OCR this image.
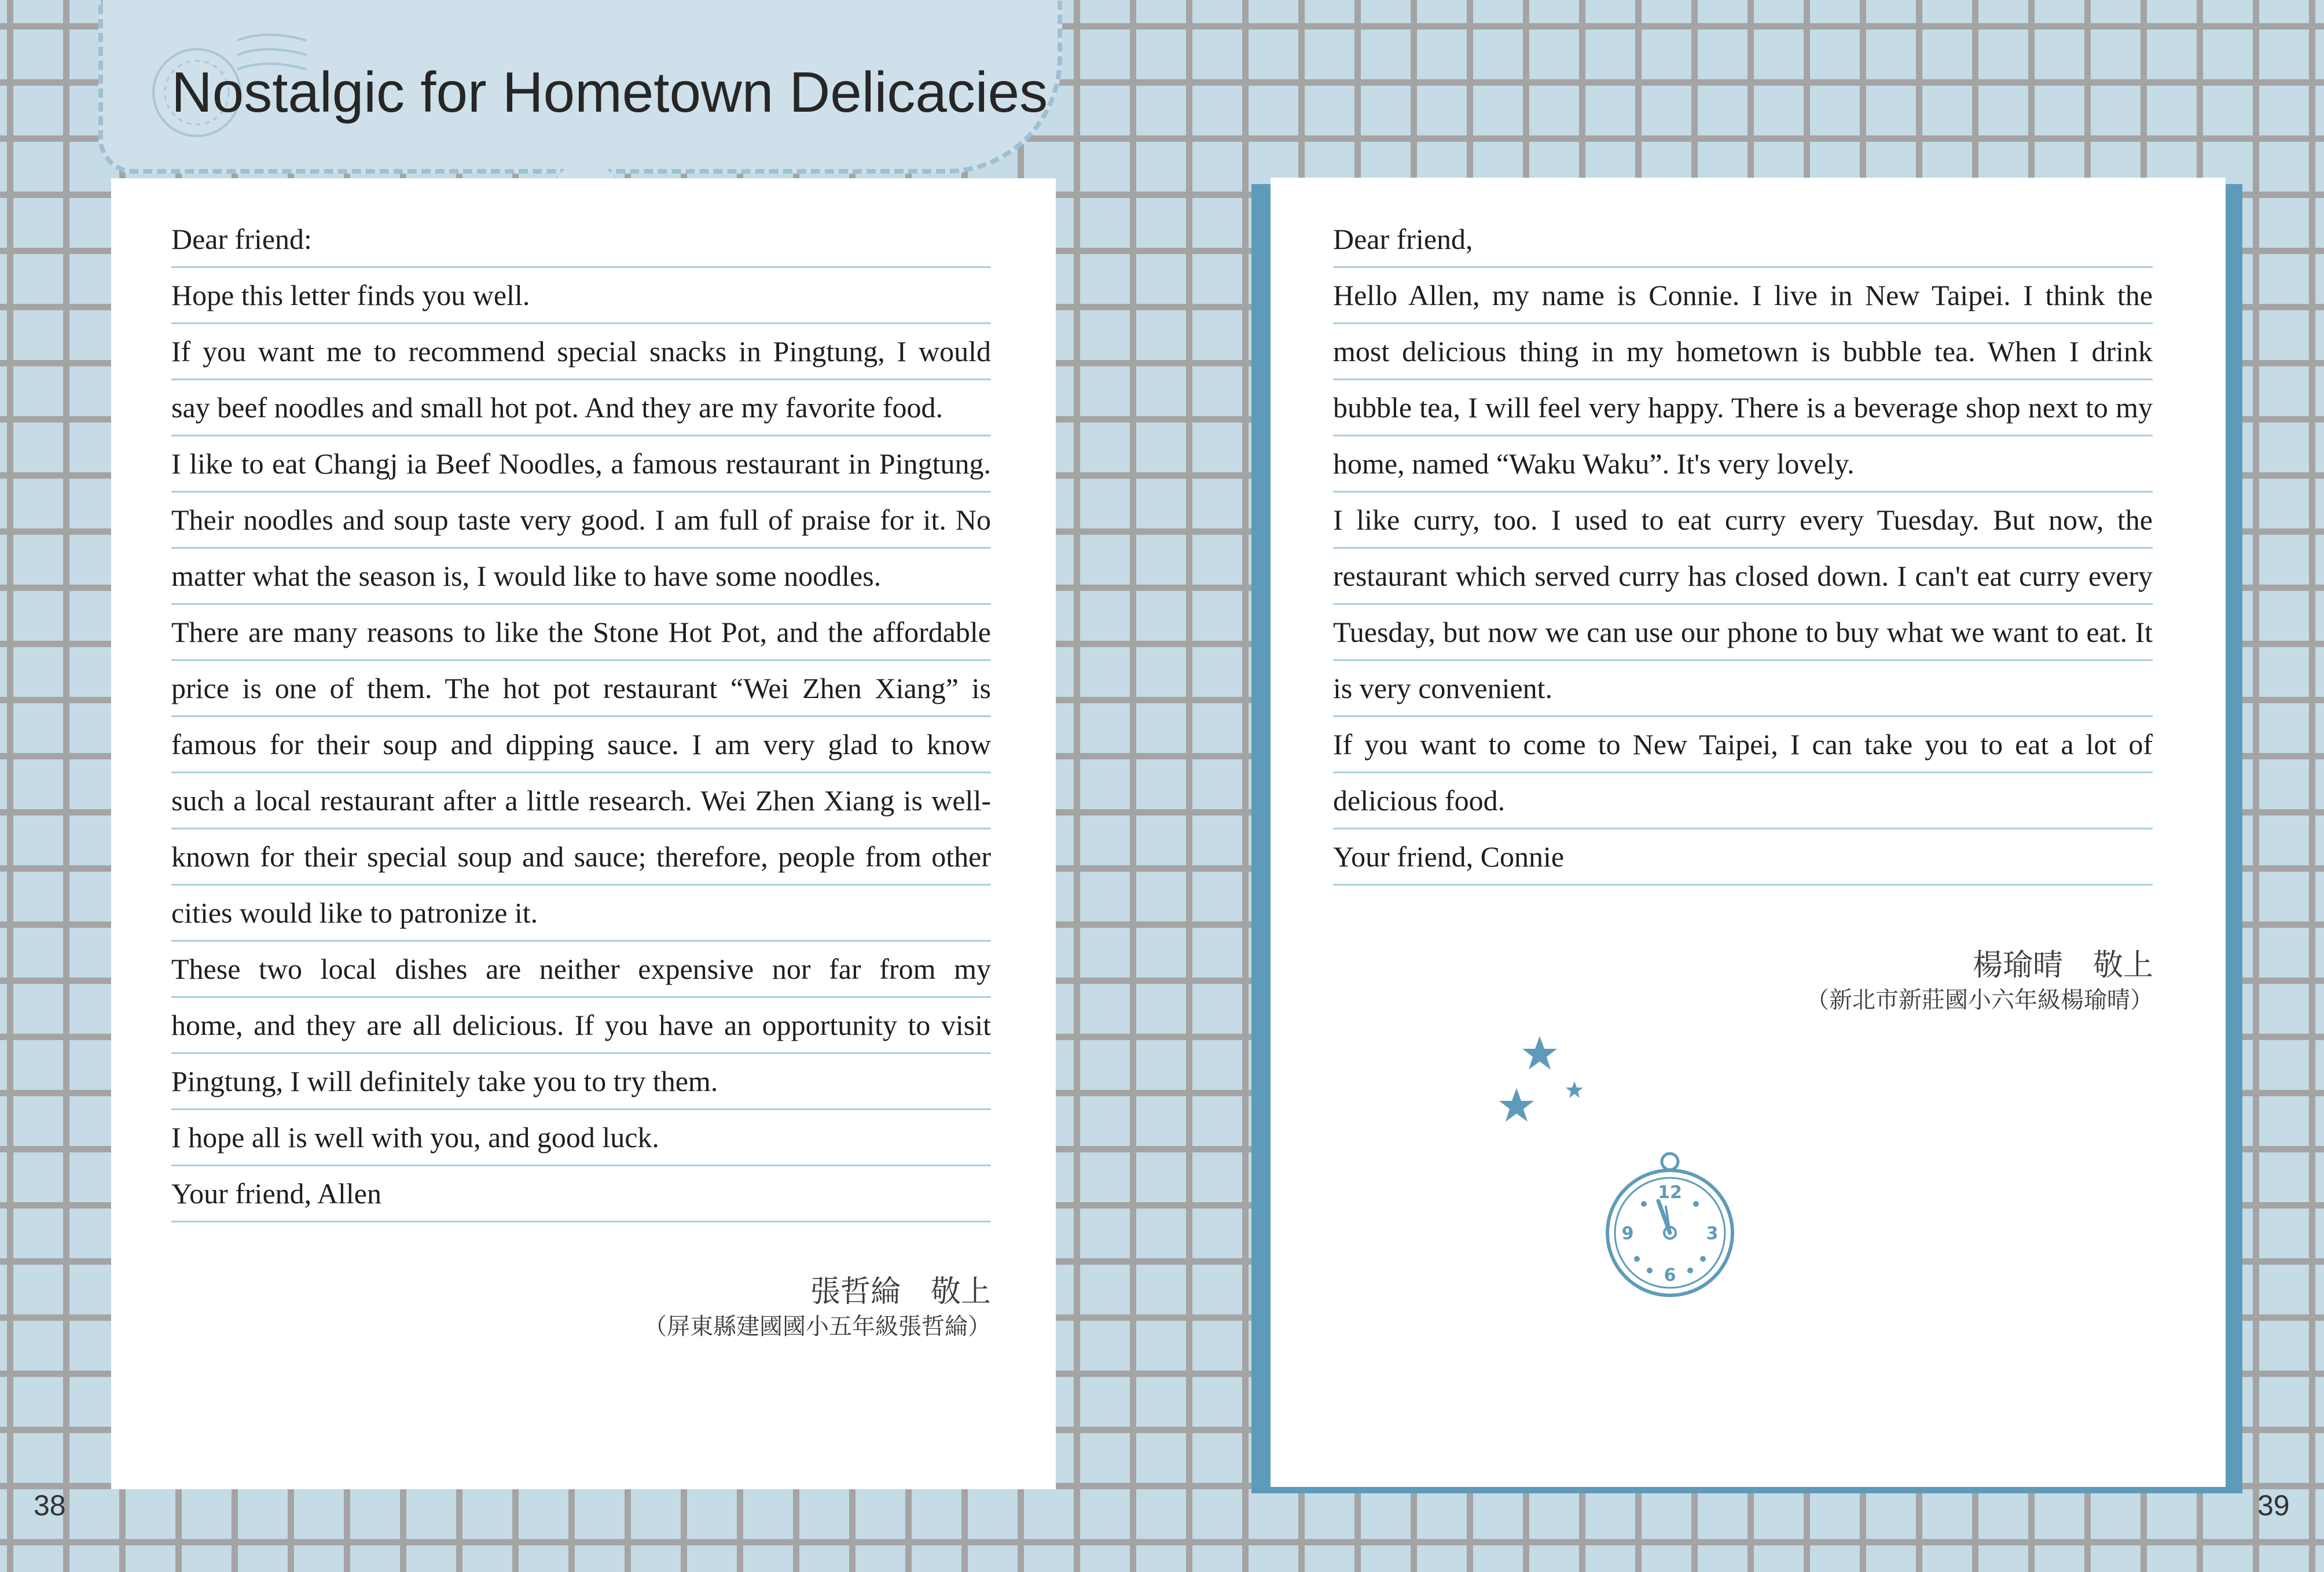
Nostalgic for Hometown Delicacies
Dear friend:
Hope this letter finds you well.
If you want me to recommend special snacks in Pingtung, I would
say beef noodles and small hot pot. And they are my favorite food.
I like to eat Changj ia Beef Noodles, a famous restaurant in Pingtung.
Their noodles and soup taste very good. I am full of praise for it. No
matter what the season is, I would like to have some noodles.
There are many reasons to like the Stone Hot Pot, and the affordable
price is one of them. The hot pot restaurant “Wei Zhen Xiang” is
famous for their soup and dipping sauce. I am very glad to know
such a local restaurant after a little research. Wei Zhen Xiang is well-
known for their special soup and sauce; therefore, people from other
cities would like to patronize it.
These two local dishes are neither expensive nor far from my
home, and they are all delicious. If you have an opportunity to visit
Pingtung, I will definitely take you to try them.
I hope all is well with you, and good luck.
Your friend, Allen
張哲綸　敬上
（屏東縣建國國小五年級張哲綸）
Dear friend,
Hello Allen, my name is Connie. I live in New Taipei. I think the
most delicious thing in my hometown is bubble tea. When I drink
bubble tea, I will feel very happy. There is a beverage shop next to my
home, named “Waku Waku”. It's very lovely.
I like curry, too. I used to eat curry every Tuesday. But now, the
restaurant which served curry has closed down. I can't eat curry every
Tuesday, but now we can use our phone to buy what we want to eat. It
is very convenient.
If you want to come to New Taipei, I can take you to eat a lot of
delicious food.
Your friend, Connie
楊瑜晴　敬上
（新北市新莊國小六年級楊瑜晴）
12
3
6
9
38	39
